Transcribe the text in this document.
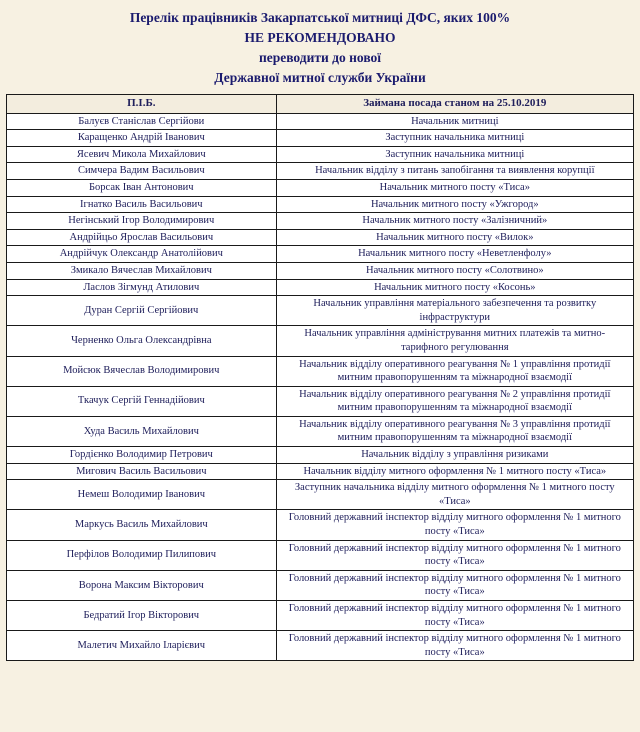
Перелік працівників Закарпатської митниці ДФС, яких 100%
НЕ РЕКОМЕНДОВАНО
переводити до нової
Державної митної служби України
П.І.Б.	Займана посада станом на 25.10.2019
Балуєв Станіслав Сергійови	Начальник митниці
Каращенко Андрій Іванович	Заступник начальника митниці
Ясевич Микола Михайлович	Заступник начальника митниці
Симчера Вадим Васильович	Начальник відділу з питань запобігання та виявлення корупції
Борсак Іван Антонович	Начальник митного посту «Тиса»
Ігнатко Василь Васильович	Начальник митного посту «Ужгород»
Негінський Ігор Володимирович	Начальник митного посту «Залізничний»
Андрійцьо Ярослав Васильович	Начальник митного посту «Вилок»
Андрійчук Олександр Анатолійович	Начальник митного посту «Неветленфолу»
Змикало Вячеслав Михайлович	Начальник митного посту «Солотвино»
Ласлов Зігмунд Атилович	Начальник митного посту «Косонь»
Дуран Сергій Сергійович	Начальник управління матеріального забезпечення та розвитку інфраструктури
Черненко Ольга Олександрівна	Начальник управління адміністрування митних платежів та митно-тарифного регулювання
Мойсюк Вячеслав Володимирович	Начальник відділу оперативного реагування № 1 управління протидії митним правопорушенням та міжнародної взаємодії
Ткачук Сергій Геннадійович	Начальник відділу оперативного реагування № 2 управління протидії митним правопорушенням та міжнародної взаємодії
Худа Василь Михайлович	Начальник відділу оперативного реагування № 3 управління протидії митним правопорушенням та міжнародної взаємодії
Гордієнко Володимир Петрович	Начальник відділу з управління ризиками
Мигович Василь Васильович	Начальник відділу митного оформлення № 1 митного посту «Тиса»
Немеш Володимир Іванович	Заступник начальника відділу митного оформлення № 1 митного посту «Тиса»
Маркусь Василь Михайлович	Головний державний інспектор відділу митного оформлення № 1 митного посту «Тиса»
Перфілов Володимир Пилипович	Головний державний інспектор відділу митного оформлення № 1 митного посту «Тиса»
Ворона Максим Вікторович	Головний державний інспектор відділу митного оформлення № 1 митного посту «Тиса»
Бедратий Ігор Вікторович	Головний державний інспектор відділу митного оформлення № 1 митного посту «Тиса»
Малетич Михайло Іларієвич	Головний державний інспектор відділу митного оформлення № 1 митного посту «Тиса»
